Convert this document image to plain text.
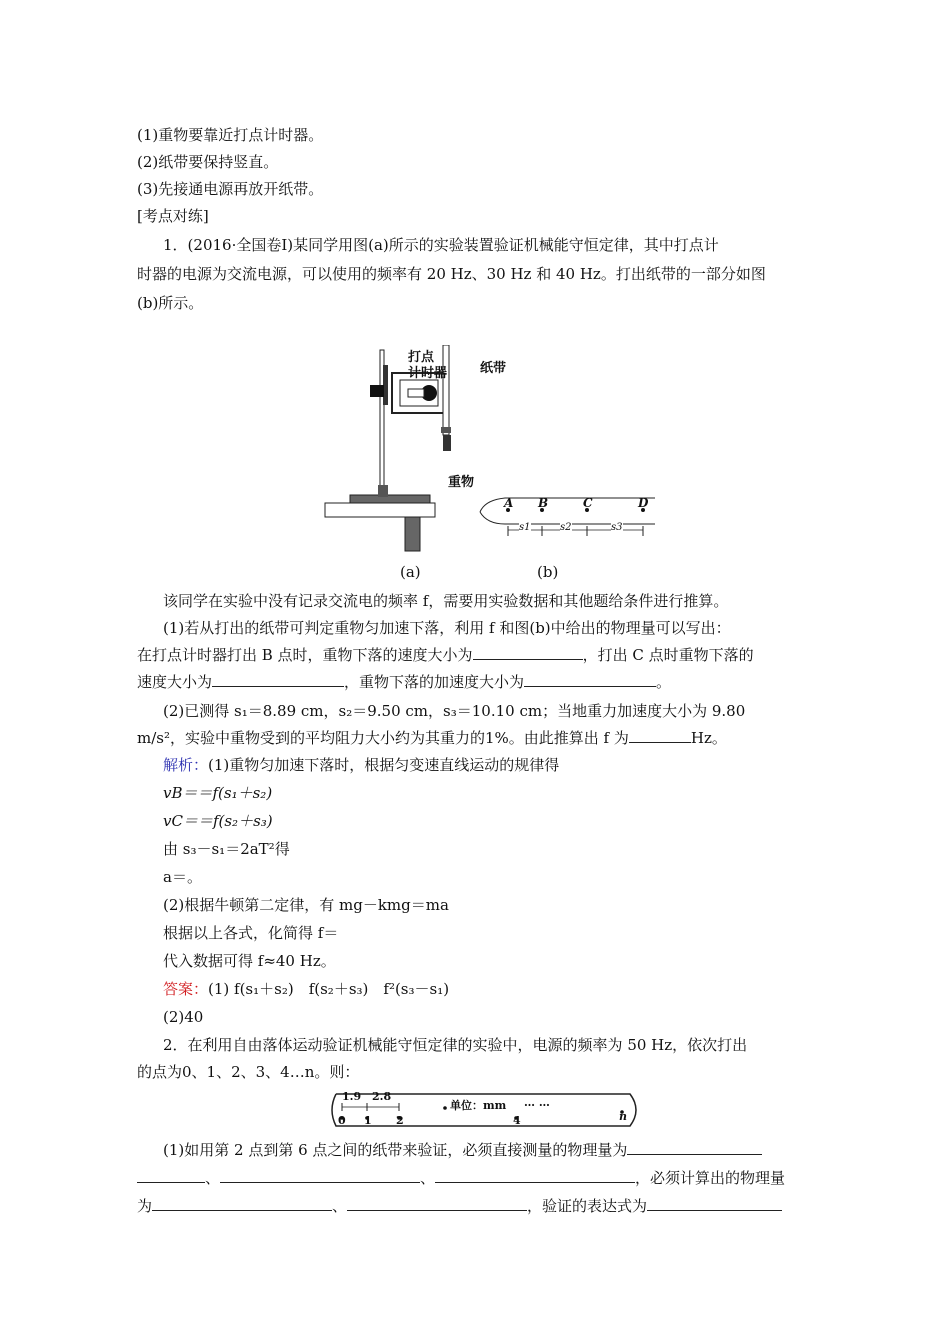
(1)重物要靠近打点计时器。
(2)纸带要保持竖直。
(3)先接通电源再放开纸带。
[考点对练]
1．(2016·全国卷Ⅰ)某同学用图(a)所示的实验装置验证机械能守恒定律，其中打点计
时器的电源为交流电源，可以使用的频率有 20 Hz、30 Hz 和 40 Hz。打出纸带的一部分如图
(b)所示。
打点
计时器	纸带
重物
A B	C	D
s1	s2	s3
(a)	(b)
该同学在实验中没有记录交流电的频率 f，需要用实验数据和其他题给条件进行推算。
(1)若从打出的纸带可判定重物匀加速下落，利用 f 和图(b)中给出的物理量可以写出：
在打点计时器打出 B 点时，重物下落的速度大小为	，打出 C 点时重物下落的
速度大小为	，重物下落的加速度大小为	。
(2)已测得 s₁＝8.89 cm，s₂＝9.50 cm，s₃＝10.10 cm；当地重力加速度大小为 9.80
m/s²，实验中重物受到的平均阻力大小约为其重力的1%。由此推算出 f 为	Hz。
解析：(1)重物匀加速下落时，根据匀变速直线运动的规律得
vB＝＝f(s₁＋s₂)
vC＝＝f(s₂＋s₃)
由 s₃－s₁＝2aT²得
a＝。
(2)根据牛顿第二定律，有 mg－kmg＝ma
根据以上各式，化简得 f＝
代入数据可得 f≈40 Hz。
答案：(1) f(s₁＋s₂)　f(s₂＋s₃)　f²(s₃－s₁)
(2)40
2．在利用自由落体运动验证机械能守恒定律的实验中，电源的频率为 50 Hz，依次打出
的点为0、1、2、3、4…n。则：
1.9 2.8
单位：mm … …
0 1 2	4	n
(1)如用第 2 点到第 6 点之间的纸带来验证，必须直接测量的物理量为
、	、	，必须计算出的物理量
为	、	，验证的表达式为
